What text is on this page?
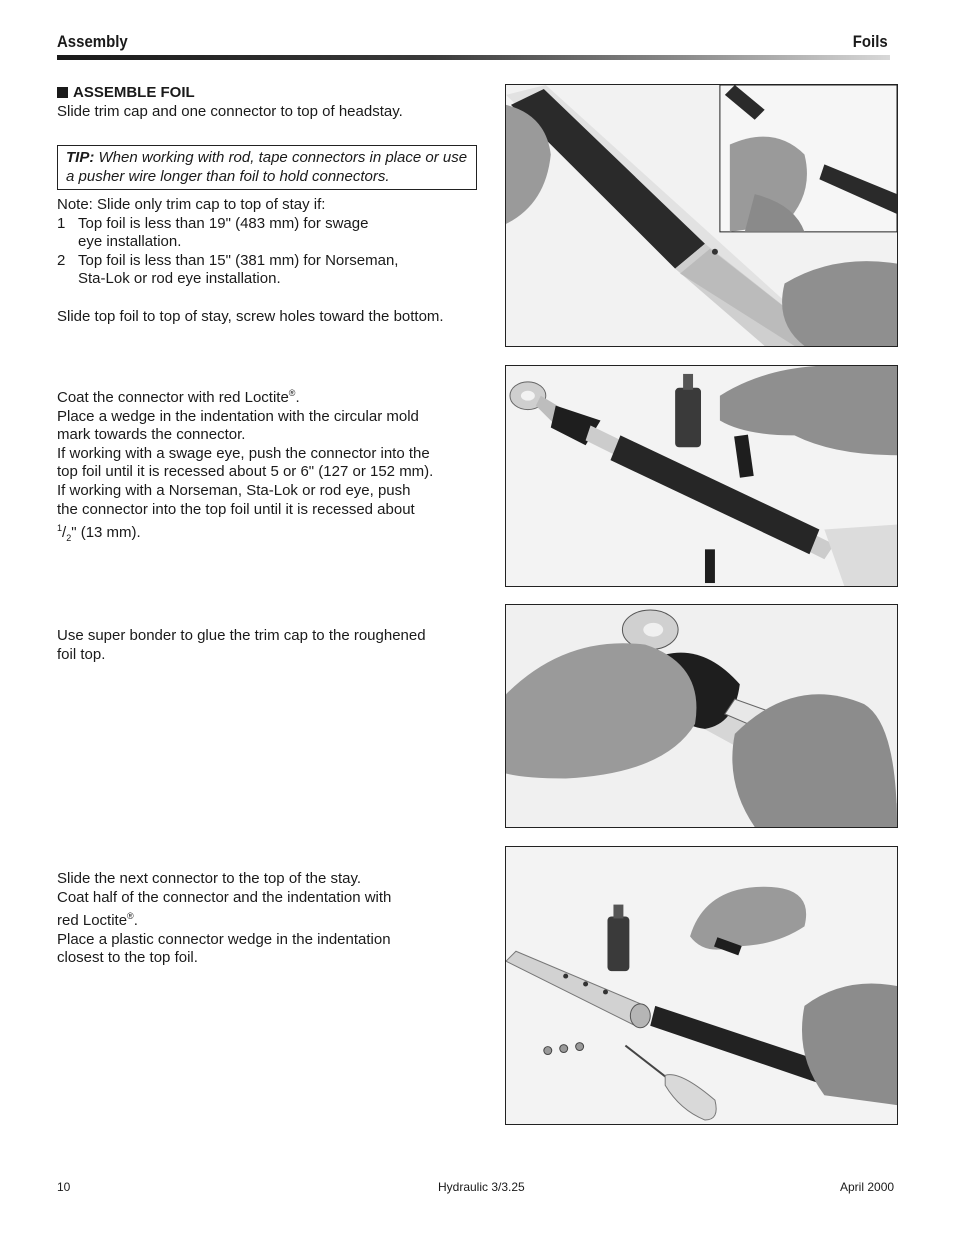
Assembly	Foils

ASSEMBLE FOIL

Slide trim cap and one connector to top of headstay.

TIP: When working with rod, tape connectors in place or use a pusher wire longer than foil to hold connectors.

Note: Slide only trim cap to top of stay if:

1 Top foil is less than 19" (483 mm) for swage

eye installation.

2 Top foil is less than 15" (381 mm) for Norseman,

Sta-Lok or rod eye installation.

Slide top foil to top of stay, screw holes toward the bottom.

Coat the connector with red Loctite®.

Place a wedge in the indentation with the circular mold

mark towards the connector.

If working with a swage eye, push the connector into the

top foil until it is recessed about 5 or 6" (127 or 152 mm).

If working with a Norseman, Sta-Lok or rod eye, push

the connector into the top foil until it is recessed about

$^1/_2$" (13 mm).

Use super bonder to glue the trim cap to the roughened

foil top.

Slide the next connector to the top of the stay.

Coat half of the connector and the indentation with

red Loctite®.

Place a plastic connector wedge in the indentation

closest to the top foil.

10	Hydraulic 3/3.25	April 2000
